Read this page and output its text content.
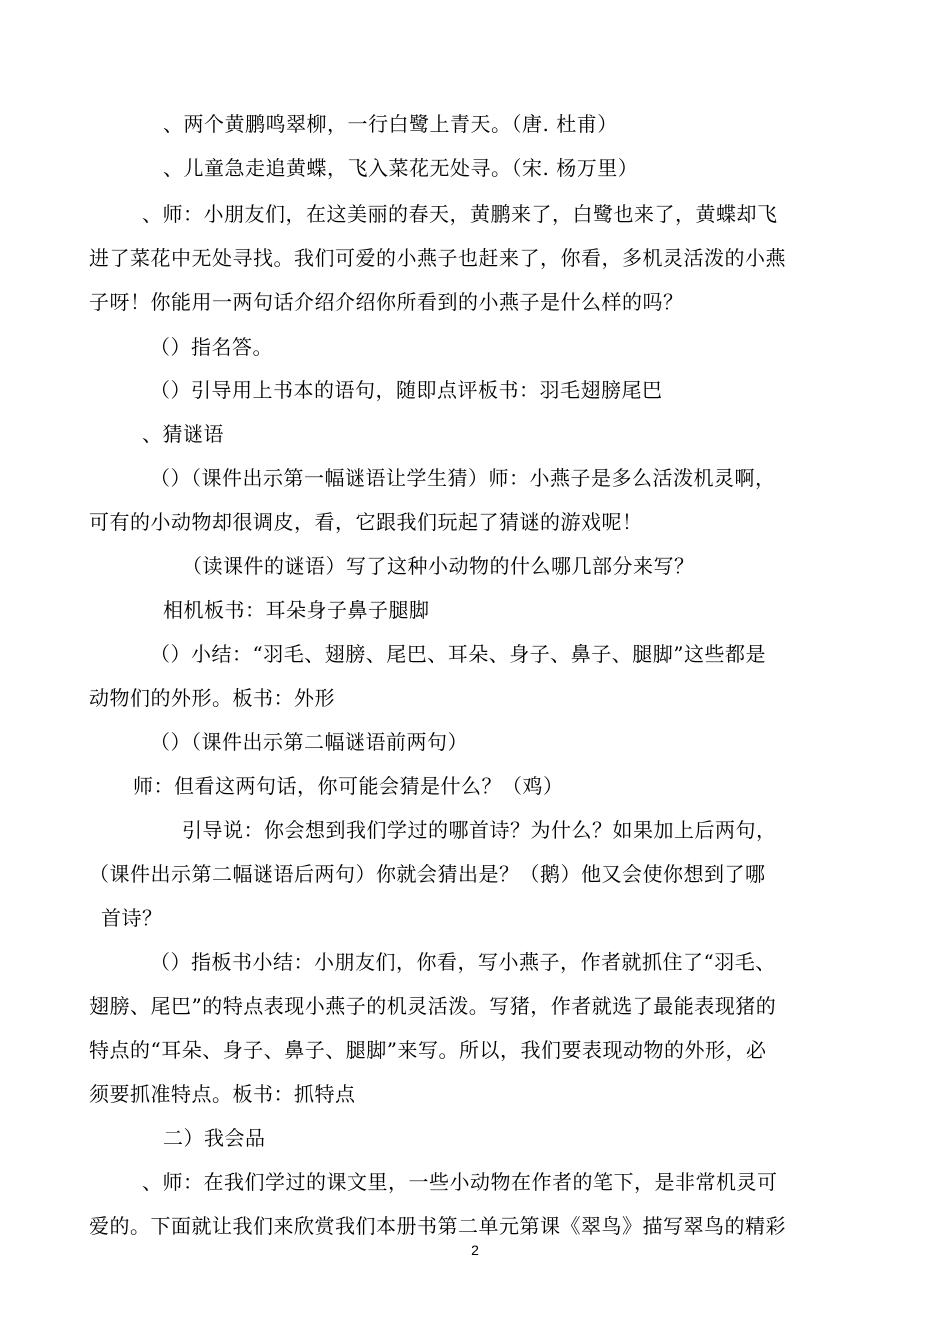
、两个黄鹏鸣翠柳，一行白鹭上青天。（唐. 杜甫）
、儿童急走追黄蝶，飞入菜花无处寻。（宋. 杨万里）
、师：小朋友们，在这美丽的春天，黄鹏来了，白鹭也来了，黄蝶却飞
进了菜花中无处寻找。我们可爱的小燕子也赶来了，你看，多机灵活泼的小燕
子呀！你能用一两句话介绍介绍你所看到的小燕子是什么样的吗？
（）指名答。
（）引导用上书本的语句，随即点评板书：羽毛翅膀尾巴
、猜谜语
（）（课件出示第一幅谜语让学生猜）师：小燕子是多么活泼机灵啊，
可有的小动物却很调皮，看，它跟我们玩起了猜谜的游戏呢！
（读课件的谜语）写了这种小动物的什么哪几部分来写？
相机板书：耳朵身子鼻子腿脚
（）小结：“羽毛、翅膀、尾巴、耳朵、身子、鼻子、腿脚”这些都是
动物们的外形。板书：外形
（）（课件出示第二幅谜语前两句）
师：但看这两句话，你可能会猜是什么？（鸡）
引导说：你会想到我们学过的哪首诗？为什么？如果加上后两句，
（课件出示第二幅谜语后两句）你就会猜出是？（鹅）他又会使你想到了哪
首诗？
（）指板书小结：小朋友们，你看，写小燕子，作者就抓住了“羽毛、
翅膀、尾巴”的特点表现小燕子的机灵活泼。写猪，作者就选了最能表现猪的
特点的“耳朵、身子、鼻子、腿脚”来写。所以，我们要表现动物的外形，必
须要抓准特点。板书：抓特点
二）我会品
、师：在我们学过的课文里，一些小动物在作者的笔下，是非常机灵可
爱的。下面就让我们来欣赏我们本册书第二单元第课《翠鸟》描写翠鸟的精彩
2
